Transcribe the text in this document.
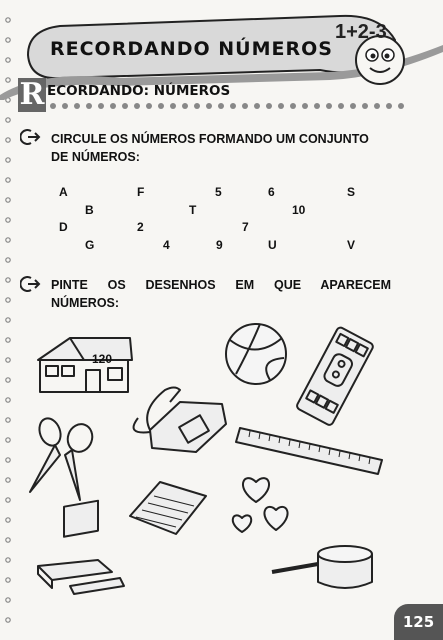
RECORDANDO NÚMEROS
1+2-3
R ECORDANDO: NÚMEROS
CIRCULE OS NÚMEROS FORMANDO UM CONJUNTO
DE NÚMEROS:
A	F	5	6	S
B	T	10
D	2	7
G	4	9	U	V
PINTE OS DESENHOS EM QUE APARECEM
NÚMEROS:
120
125
